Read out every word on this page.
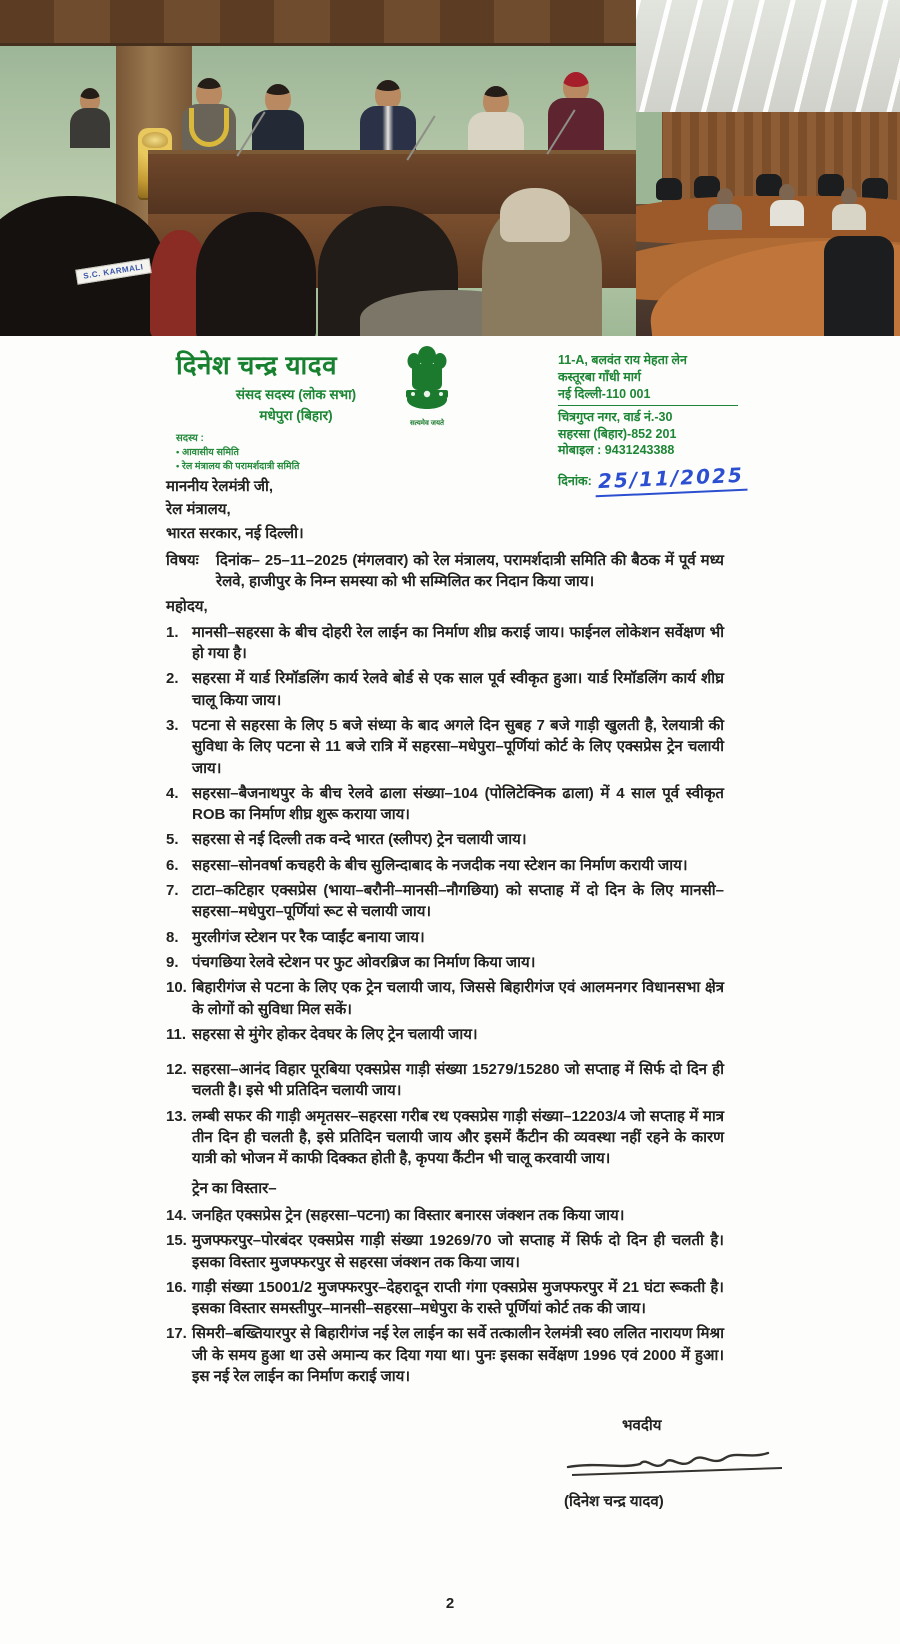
S.C. KARMALI
दिनेश चन्द्र यादव
संसद सदस्य (लोक सभा)
मधेपुरा (बिहार)
सदस्य :
• आवासीय समिति
• रेल मंत्रालय की परामर्शदात्री समिति
सत्यमेव जयते
11-A, बलवंत राय मेहता लेन
कस्तूरबा गाँधी मार्ग
नई दिल्ली-110 001
चित्रगुप्त नगर, वार्ड नं.-30
सहरसा (बिहार)-852 201
मोबाइल : 9431243388
दिनांक: 25/11/2025
माननीय रेलमंत्री जी,
रेल मंत्रालय,
भारत सरकार, नई दिल्ली।
विषयः	दिनांक– 25–11–2025 (मंगलवार) को रेल मंत्रालय, परामर्शदात्री समिति की बैठक में पूर्व मध्य रेलवे, हाजीपुर के निम्न समस्या को भी सम्मिलित कर निदान किया जाय।
महोदय,
1. मानसी–सहरसा के बीच दोहरी रेल लाईन का निर्माण शीघ्र कराई जाय। फाईनल लोकेशन सर्वेक्षण भी हो गया है।
2. सहरसा में यार्ड रिमॉडलिंग कार्य रेलवे बोर्ड से एक साल पूर्व स्वीकृत हुआ। यार्ड रिमॉडलिंग कार्य शीघ्र चालू किया जाय।
3. पटना से सहरसा के लिए 5 बजे संध्या के बाद अगले दिन सुबह 7 बजे गाड़ी खुलती है, रेलयात्री की सुविधा के लिए पटना से 11 बजे रात्रि में सहरसा–मधेपुरा–पूर्णियां कोर्ट के लिए एक्सप्रेस ट्रेन चलायी जाय।
4. सहरसा–बैजनाथपुर के बीच रेलवे ढाला संख्या–104 (पोलिटेक्निक ढाला) में 4 साल पूर्व स्वीकृत ROB का निर्माण शीघ्र शुरू कराया जाय।
5. सहरसा से नई दिल्ली तक वन्दे भारत (स्लीपर) ट्रेन चलायी जाय।
6. सहरसा–सोनवर्षा कचहरी के बीच सुलिन्दाबाद के नजदीक नया स्टेशन का निर्माण करायी जाय।
7. टाटा–कटिहार एक्सप्रेस (भाया–बरौनी–मानसी–नौगछिया) को सप्ताह में दो दिन के लिए मानसी–सहरसा–मधेपुरा–पूर्णियां रूट से चलायी जाय।
8. मुरलीगंज स्टेशन पर रैक प्वाईंट बनाया जाय।
9. पंचगछिया रेलवे स्टेशन पर फुट ओवरब्रिज का निर्माण किया जाय।
10. बिहारीगंज से पटना के लिए एक ट्रेन चलायी जाय, जिससे बिहारीगंज एवं आलमनगर विधानसभा क्षेत्र के लोगों को सुविधा मिल सकें।
11. सहरसा से मुंगेर होकर देवघर के लिए ट्रेन चलायी जाय।
12. सहरसा–आनंद विहार पूरबिया एक्सप्रेस गाड़ी संख्या 15279/15280 जो सप्ताह में सिर्फ दो दिन ही चलती है। इसे भी प्रतिदिन चलायी जाय।
13. लम्बी सफर की गाड़ी अमृतसर–सहरसा गरीब रथ एक्सप्रेस गाड़ी संख्या–12203/4 जो सप्ताह में मात्र तीन दिन ही चलती है, इसे प्रतिदिन चलायी जाय और इसमें कैंटीन की व्यवस्था नहीं रहने के कारण यात्री को भोजन में काफी दिक्कत होती है, कृपया कैंटीन भी चालू करवायी जाय।
ट्रेन का विस्तार–
14. जनहित एक्सप्रेस ट्रेन (सहरसा–पटना) का विस्तार बनारस जंक्शन तक किया जाय।
15. मुजफ्फरपुर–पोरबंदर एक्सप्रेस गाड़ी संख्या 19269/70 जो सप्ताह में सिर्फ दो दिन ही चलती है। इसका विस्तार मुजफ्फरपुर से सहरसा जंक्शन तक किया जाय।
16. गाड़ी संख्या 15001/2 मुजफ्फरपुर–देहरादून राप्ती गंगा एक्सप्रेस मुजफ्फरपुर में 21 घंटा रूकती है। इसका विस्तार समस्तीपुर–मानसी–सहरसा–मधेपुरा के रास्ते पूर्णियां कोर्ट तक की जाय।
17. सिमरी–बख्तियारपुर से बिहारीगंज नई रेल लाईन का सर्वे तत्कालीन रेलमंत्री स्व0 ललित नारायण मिश्रा जी के समय हुआ था उसे अमान्य कर दिया गया था। पुनः इसका सर्वेक्षण 1996 एवं 2000 में हुआ। इस नई रेल लाईन का निर्माण कराई जाय।
भवदीय
(दिनेश चन्द्र यादव)
2
